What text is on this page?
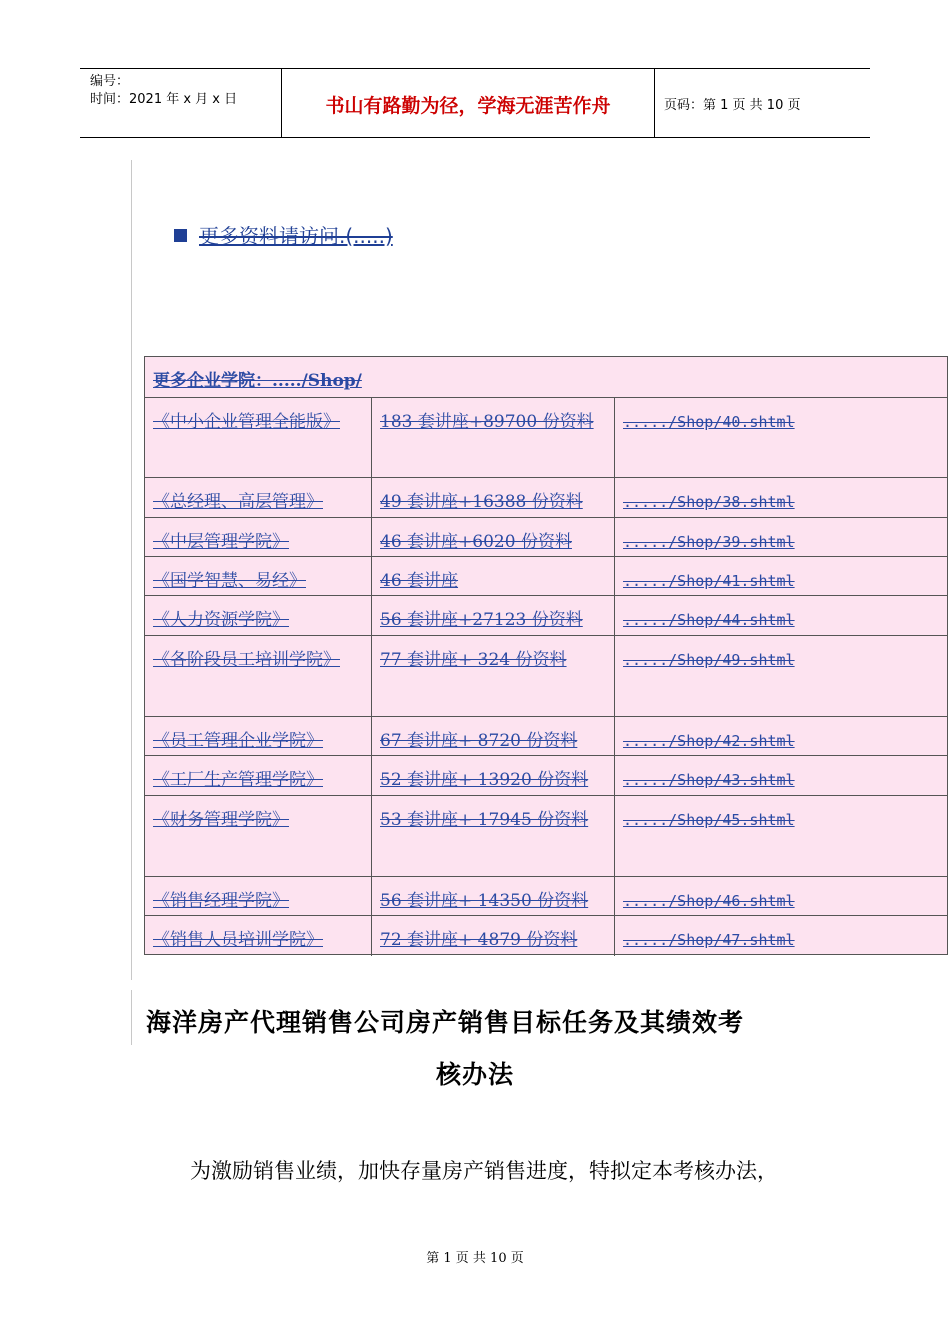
编号：
时间：2021 年 x 月 x 日	书山有路勤为径，学海无涯苦作舟	页码：第 1 页 共 10 页
更多资料请访问.(.....)
更多企业学院：...../Shop/
《中小企业管理全能版》	183 套讲座+89700 份资料	...../Shop/40.shtml
《总经理、高层管理》	49 套讲座+16388 份资料	...../Shop/38.shtml
《中层管理学院》	46 套讲座+6020 份资料	...../Shop/39.shtml
《国学智慧、易经》	46 套讲座	...../Shop/41.shtml
《人力资源学院》	56 套讲座+27123 份资料	...../Shop/44.shtml
《各阶段员工培训学院》	77 套讲座+ 324 份资料	...../Shop/49.shtml
《员工管理企业学院》	67 套讲座+ 8720 份资料	...../Shop/42.shtml
《工厂生产管理学院》	52 套讲座+ 13920 份资料	...../Shop/43.shtml
《财务管理学院》	53 套讲座+ 17945 份资料	...../Shop/45.shtml
《销售经理学院》	56 套讲座+ 14350 份资料	...../Shop/46.shtml
《销售人员培训学院》	72 套讲座+ 4879 份资料	...../Shop/47.shtml
海洋房产代理销售公司房产销售目标任务及其绩效考
核办法
为激励销售业绩，加快存量房产销售进度，特拟定本考核办法，
第 1 页 共 10 页
